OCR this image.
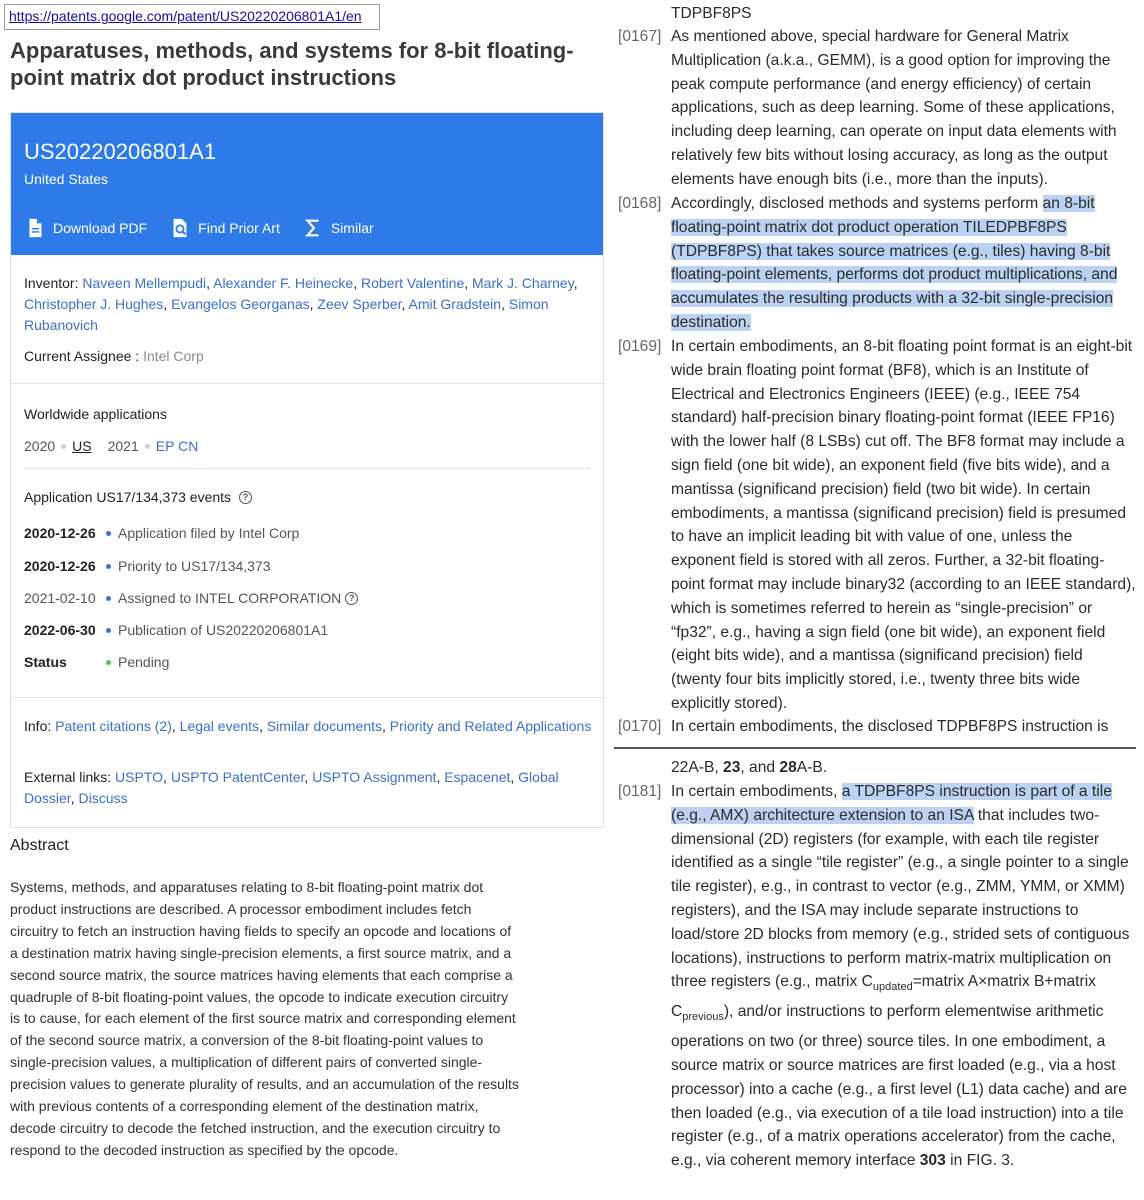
https://patents.google.com/patent/US20220206801A1/en
Apparatuses, methods, and systems for 8-bit floating-point matrix dot product instructions
US20220206801A1
United States
Download PDF	Find Prior Art	Similar
Inventor: Naveen Mellempudi, Alexander F. Heinecke, Robert Valentine, Mark J. Charney, Christopher J. Hughes, Evangelos Georganas, Zeev Sperber, Amit Gradstein, Simon Rubanovich
Current Assignee : Intel Corp
Worldwide applications
2020 US 2021 EP CN
Application US17/134,373 events	?
2020-12-26	Application filed by Intel Corp
2020-12-26	Priority to US17/134,373
2021-02-10	Assigned to INTEL CORPORATION ?
2022-06-30	Publication of US20220206801A1
Status	Pending
Info: Patent citations (2), Legal events, Similar documents, Priority and Related Applications
External links: USPTO, USPTO PatentCenter, USPTO Assignment, Espacenet, Global Dossier, Discuss
Abstract
Systems, methods, and apparatuses relating to 8-bit floating-point matrix dot product instructions are described. A processor embodiment includes fetch circuitry to fetch an instruction having fields to specify an opcode and locations of a destination matrix having single-precision elements, a first source matrix, and a second source matrix, the source matrices having elements that each comprise a quadruple of 8-bit floating-point values, the opcode to indicate execution circuitry is to cause, for each element of the first source matrix and corresponding element of the second source matrix, a conversion of the 8-bit floating-point values to single-precision values, a multiplication of different pairs of converted single-precision values to generate plurality of results, and an accumulation of the results with previous contents of a corresponding element of the destination matrix, decode circuitry to decode the fetched instruction, and the execution circuitry to respond to the decoded instruction as specified by the opcode.
TDPBF8PS
[0167] As mentioned above, special hardware for General Matrix Multiplication (a.k.a., GEMM), is a good option for improving the peak compute performance (and energy efficiency) of certain applications, such as deep learning. Some of these applications, including deep learning, can operate on input data elements with relatively few bits without losing accuracy, as long as the output elements have enough bits (i.e., more than the inputs).
[0168] Accordingly, disclosed methods and systems perform an 8-bit floating-point matrix dot product operation TILEDPBF8PS (TDPBF8PS) that takes source matrices (e.g., tiles) having 8-bit floating-point elements, performs dot product multiplications, and accumulates the resulting products with a 32-bit single-precision destination.
[0169] In certain embodiments, an 8-bit floating point format is an eight-bit wide brain floating point format (BF8), which is an Institute of Electrical and Electronics Engineers (IEEE) (e.g., IEEE 754 standard) half-precision binary floating-point format (IEEE FP16) with the lower half (8 LSBs) cut off. The BF8 format may include a sign field (one bit wide), an exponent field (five bits wide), and a mantissa (significand precision) field (two bit wide). In certain embodiments, a mantissa (significand precision) field is presumed to have an implicit leading bit with value of one, unless the exponent field is stored with all zeros. Further, a 32-bit floating-point format may include binary32 (according to an IEEE standard), which is sometimes referred to herein as “single-precision” or “fp32”, e.g., having a sign field (one bit wide), an exponent field (eight bits wide), and a mantissa (significand precision) field (twenty four bits implicitly stored, i.e., twenty three bits wide explicitly stored).
[0170] In certain embodiments, the disclosed TDPBF8PS instruction is
22A-B, 23, and 28A-B.
[0181] In certain embodiments, a TDPBF8PS instruction is part of a tile (e.g., AMX) architecture extension to an ISA that includes two-dimensional (2D) registers (for example, with each tile register identified as a single “tile register” (e.g., a single pointer to a single tile register), e.g., in contrast to vector (e.g., ZMM, YMM, or XMM) registers), and the ISA may include separate instructions to load/store 2D blocks from memory (e.g., strided sets of contiguous locations), instructions to perform matrix-matrix multiplication on three registers (e.g., matrix $C_{updated}=matrix$ A×matrix B+matrix $C_{previous}$), and/or instructions to perform elementwise arithmetic operations on two (or three) source tiles. In one embodiment, a source matrix or source matrices are first loaded (e.g., via a host processor) into a cache (e.g., a first level (L1) data cache) and are then loaded (e.g., via execution of a tile load instruction) into a tile register (e.g., of a matrix operations accelerator) from the cache, e.g., via coherent memory interface 303 in FIG. 3.
